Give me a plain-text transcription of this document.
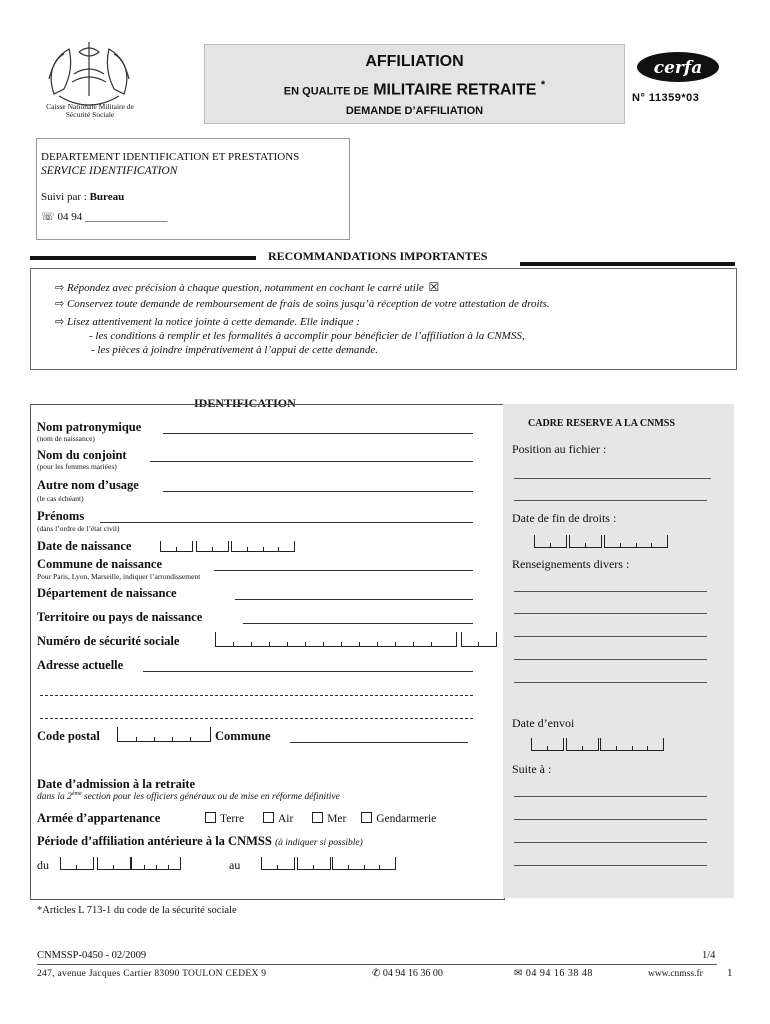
Caisse Nationale Militaire de Sécurité Sociale
AFFILIATION
EN QUALITE DE MILITAIRE RETRAITE *
DEMANDE D’AFFILIATION
cerfa
N° 11359*03
DEPARTEMENT IDENTIFICATION ET PRESTATIONS
SERVICE IDENTIFICATION
Suivi par : Bureau
☏ 04 94 _______________
RECOMMANDATIONS IMPORTANTES
⇨ Répondez avec précision à chaque question, notamment en cochant le carré utile ☒
⇨ Conservez toute demande de remboursement de frais de soins jusqu’à réception de votre attestation de droits.
⇨ Lisez attentivement la notice jointe à cette demande. Elle indique :
- les conditions à remplir et les formalités à accomplir pour bénéficier de l’affiliation à la CNMSS,
- les pièces à joindre impérativement à l’appui de cette demande.
IDENTIFICATION
Nom patronymique
(nom de naissance)
Nom du conjoint
(pour les femmes mariées)
Autre nom d’usage
(le cas échéant)
Prénoms
(dans l’ordre de l’état civil)
Date de naissance
Commune de naissance
Pour Paris, Lyon, Marseille, indiquer l’arrondissement
Département de naissance
Territoire ou pays de naissance
Numéro de sécurité sociale
Adresse actuelle
Code postal	Commune
Date d’admission à la retraite
dans la 2ème section pour les officiers généraux ou de mise en réforme définitive
Armée d’appartenance	Terre	Air	Mer	Gendarmerie
Période d’affiliation antérieure à la CNMSS (à indiquer si possible)
du	au
CADRE RESERVE A LA CNMSS
Position au fichier :
Date de fin de droits :
Renseignements divers :
Date d’envoi
Suite à :
*Articles L 713-1 du code de la sécurité sociale
CNMSSP-0450 - 02/2009	1/4
247, avenue Jacques Cartier 83090 TOULON CEDEX 9	✆ 04 94 16 36 00	✉ 04 94 16 38 48	www.cnmss.fr 1
